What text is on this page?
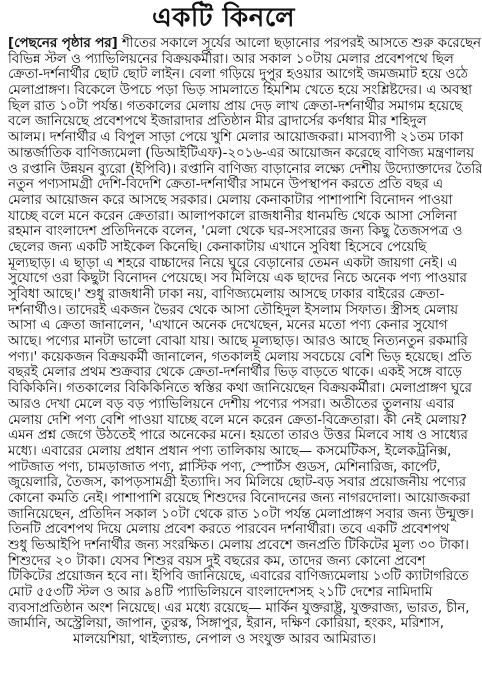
একটি কিনলে
[পেছনের পৃষ্ঠার পর] শীতের সকালে সূর্যের আলো ছড়ানোর পরপরই আসতে শুরু করেছেন
বিভিন্ন স্টল ও প্যাভিলিয়নের বিক্রয়কর্মীরা। আর সকাল ১০টায় মেলার প্রবেশপথে ছিল
ক্রেতা-দর্শনার্থীর ছোট ছোট লাইন। বেলা গড়িয়ে দুপুর হওয়ার আগেই জমজমাট হয়ে ওঠে
মেলাপ্রাঙ্গণ। বিকেলে উপচে পড়া ভিড় সামলাতে হিমশিম খেতে হয়ে সংশ্লিষ্টদের। এ অবস্থা
ছিল রাত ১০টা পর্যন্ত। গতকালের মেলায় প্রায় দেড় লাখ ক্রেতা-দর্শনার্থীর সমাগম হয়েছে
বলে জানিয়েছে প্রবেশপথে ইজারাদার প্রতিষ্ঠান মীর ব্রাদার্সের কর্ণধার মীর শহিদুল
আলম। দর্শনার্থীর এ বিপুল সাড়া পেয়ে খুশি মেলার আয়োজকরা। মাসব্যাপী ২১তম ঢাকা
আন্তর্জাতিক বাণিজ্যমেলা (ডিআইটিএফ)-২০১৬-এর আয়োজন করেছে বাণিজ্য মন্ত্রণালয়
ও রপ্তানি উন্নয়ন ব্যুরো (ইপিবি)। রপ্তানি বাণিজ্য বাড়ানোর লক্ষ্যে দেশীয় উদ্যোক্তাদের তৈরি
নতুন পণ্যসামগ্রী দেশি-বিদেশি ক্রেতা-দর্শনার্থীর সামনে উপস্থাপন করতে প্রতি বছর এ
মেলার আয়োজন করে আসছে সরকার। মেলায় কেনাকাটার পাশাপাশি বিনোদন পাওয়া
যাচ্ছে বলে মনে করেন ক্রেতারা। আলাপকালে রাজধানীর ধানমন্ডি থেকে আসা সেলিনা
রহমান বাংলাদেশ প্রতিদিনকে বলেন, 'মেলা থেকে ঘর-সংসারের জন্য কিছু তৈজসপত্র ও
ছেলের জন্য একটি সাইকেল কিনেছি। কেনাকাটায় এখানে সুবিধা হিসেবে পেয়েছি
মূল্যছাড়। এ ছাড়া এ শহরে বাচ্চাদের নিয়ে ঘুরে বেড়ানোর তেমন একটা জায়গা নেই। এ
সুযোগে ওরা কিছুটা বিনোদন পেয়েছে। সব মিলিয়ে এক ছাদের নিচে অনেক পণ্য পাওয়ার
সুবিধা আছে।' শুধু রাজধানী ঢাকা নয়, বাণিজ্যমেলায় আসছে ঢাকার বাইরের ক্রেতা-
দর্শনার্থীও। তাদেরই একজন ভৈরব থেকে আসা তৌহিদুল ইসলাম সিফাত। স্ত্রীসহ মেলায়
আসা এ ক্রেতা জানালেন, 'এখানে অনেক দেখেছেন, মনের মতো পণ্য কেনার সুযোগ
আছে। পণ্যের মানটা ভালো বোঝা যায়। আছে মূল্যছাড়। আরও আছে নিত্যনতুন রকমারি
পণ্য।' কয়েকজন বিক্রয়কর্মী জানালেন, গতকালই মেলায় সবচেয়ে বেশি ভিড় হয়েছে। প্রতি
বছরই মেলার প্রথম শুক্রবার থেকে ক্রেতা-দর্শনার্থীর ভিড় বাড়তে থাকে। একই সঙ্গে বাড়ে
বিকিকিনি। গতকালের বিকিকিনিতে স্বস্তির কথা জানিয়েছেন বিক্রয়কর্মীরা। মেলাপ্রাঙ্গণ ঘুরে
আরও দেখা মেলে বড় বড় প্যাভিলিয়নে দেশীয় পণ্যের পসরা। অতীতের তুলনায় এবার
মেলায় দেশি পণ্য বেশি পাওয়া যাচ্ছে বলে মনে করেন ক্রেতা-বিক্রেতারা। কী নেই মেলায়?
এমন প্রশ্ন জেগে উঠতেই পারে অনেকের মনে। হয়তো তারও উত্তর মিলবে সাধ ও সাধ্যের
মধ্যে। এবারের মেলায় প্রধান প্রধান পণ্য তালিকায় আছে— কসমেটিকস, ইলেকট্রনিক্স,
পাটজাত পণ্য, চামড়াজাত পণ্য, প্লাস্টিক পণ্য, স্পোর্টস গুডস, মেশিনারিজ, কার্পেট,
জুয়েলারি, তৈজস, কাপড়সামগ্রী ইত্যাদি। সব মিলিয়ে ছোট-বড় সবার প্রয়োজনীয় পণ্যের
কোনো কমতি নেই। পাশাপাশি রয়েছে শিশুদের বিনোদনের জন্য নাগরদোলা। আয়োজকরা
জানিয়েছেন, প্রতিদিন সকাল ১০টা থেকে রাত ১০টা পর্যন্ত মেলাপ্রাঙ্গণ সবার জন্য উন্মুক্ত।
তিনটি প্রবেশপথ দিয়ে মেলায় প্রবেশ করতে পারবেন দর্শনার্থীরা। তবে একটি প্রবেশপথ
শুধু ভিআইপি দর্শনার্থীর জন্য সংরক্ষিত। মেলায় প্রবেশে জনপ্রতি টিকিটের মূল্য ৩০ টাকা।
শিশুদের ২০ টাকা। যেসব শিশুর বয়স দুই বছরের কম, তাদের জন্য কোনো প্রবেশ
টিকিটের প্রয়োজন হবে না। ইপিবি জানিয়েছে, এবারের বাণিজ্যমেলায় ১৩টি ক্যাটাগরিতে
মোট ৫৫৩টি স্টল ও আর ৯৪টি প্যাভিলিয়নে বাংলাদেশসহ ২১টি দেশের নামিদামি
ব্যবসাপ্রতিষ্ঠান অংশ নিয়েছে। এর মধ্যে রয়েছে— মার্কিন যুক্তরাষ্ট্র, যুক্তরাজ্য, ভারত, চীন,
জার্মানি, অস্ট্রেলিয়া, জাপান, তুরস্ক, সিঙ্গাপুর, ইরান, দক্ষিণ কোরিয়া, হংকং, মরিশাস,
মালয়েশিয়া, থাইল্যান্ড, নেপাল ও সংযুক্ত আরব আমিরাত।
